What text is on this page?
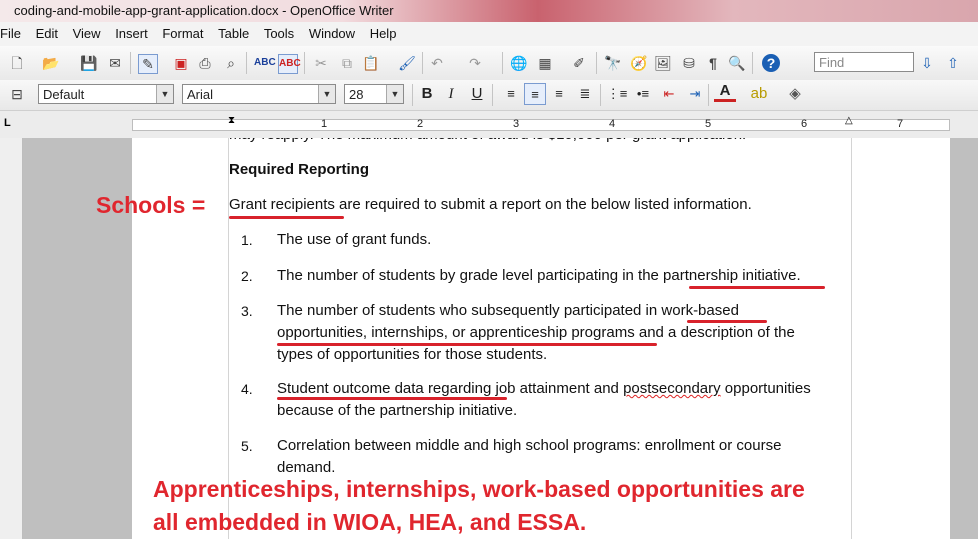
coding-and-mobile-app-grant-application.docx - OpenOffice Writer
File Edit View Insert Format Table Tools Window Help
🗋 📂 💾 ✉ ✎ ▣ ⎙	⌕	ABC ABC ✂ ⧉ 📋 🖌 ↶ ↷ 🌐 ▦ ✐ 🔭 🧭 🖼 ⛁	¶ 🔍	?	Find	⇩ ⇧
⊟	Default	▼	Arial	▼	28	▼	B	I	U	≡	≡	≡	≣	⋮≡ •≡	⇤	⇥	A	ab	◈
L	⧗	△
1	2	3	4	5	6	7
Required Reporting
Grant recipients are required to submit a report on the below listed information.
1. The use of grant funds.
2. The number of students by grade level participating in the partnership initiative.
3. The number of students who subsequently participated in work-based
opportunities, internships, or apprenticeship programs and a description of the
types of opportunities for those students.
4. Student outcome data regarding job attainment and postsecondary opportunities
because of the partnership initiative.
5. Correlation between middle and high school programs: enrollment or course
demand.
Schools =
Apprenticeships, internships, work-based opportunities are
all embedded in WIOA, HEA, and ESSA.
